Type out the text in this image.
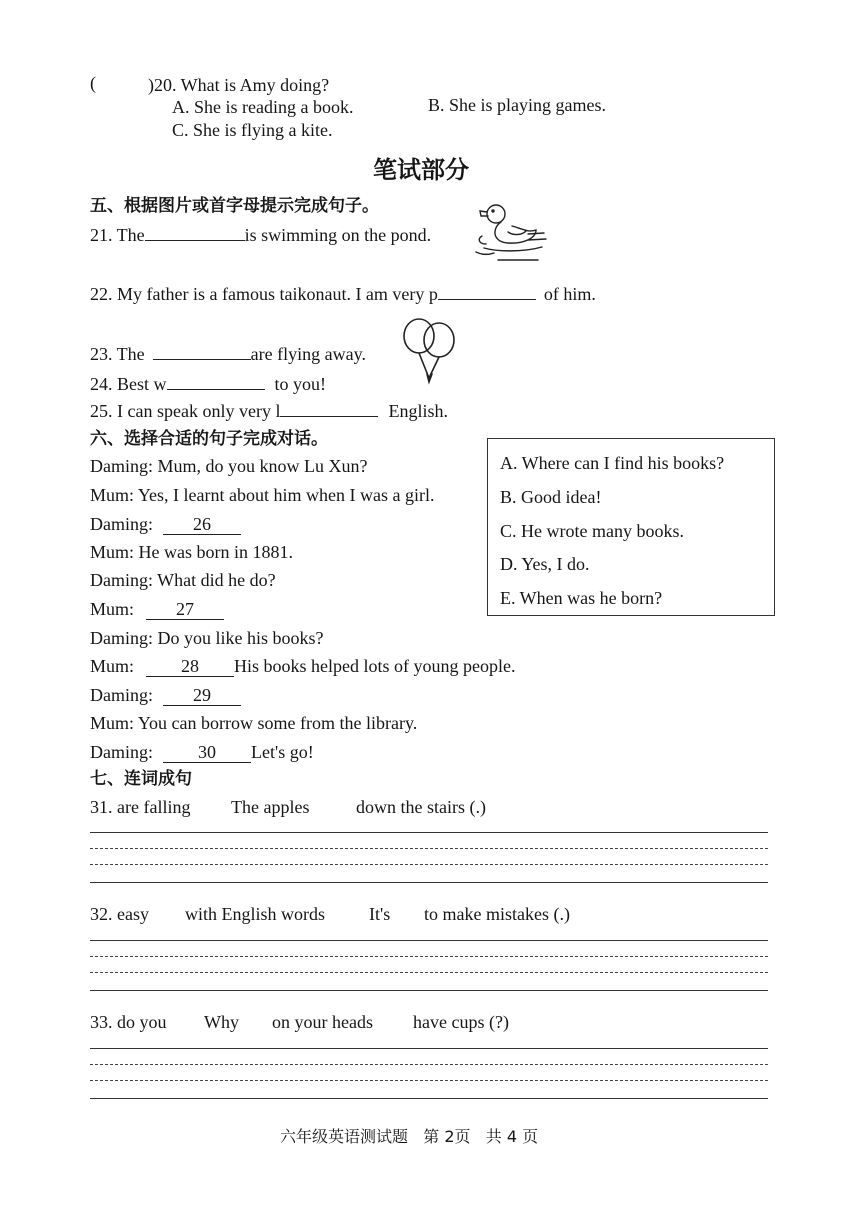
(	)20. What is Amy doing?
A. She is reading a book.	B. She is playing games.
C. She is flying a kite.
笔试部分
五、根据图片或首字母提示完成句子。
21. The	is swimming on the pond.
22. My father is a famous taikonaut. I am very p	of him.
23. The	are flying away.
24. Best w	to you!
25. I can speak only very l	English.
六、选择合适的句子完成对话。
Daming: Mum, do you know Lu Xun?
Mum: Yes, I learnt about him when I was a girl.
Daming: 26
Mum: He was born in 1881.
Daming: What did he do?
Mum: 27
Daming: Do you like his books?
Mum:	28 His books helped lots of young people.
Daming: 29
Mum: You can borrow some from the library.
Daming:	30 Let's go!
A. Where can I find his books?
B. Good idea!
C. He wrote many books.
D. Yes, I do.
E. When was he born?
七、连词成句
31. are falling The apples	down the stairs (.)
32. easy with English words It's to make mistakes (.)
33. do you Why on your heads have cups (?)
六年级英语测试题   第 2页   共 4 页
